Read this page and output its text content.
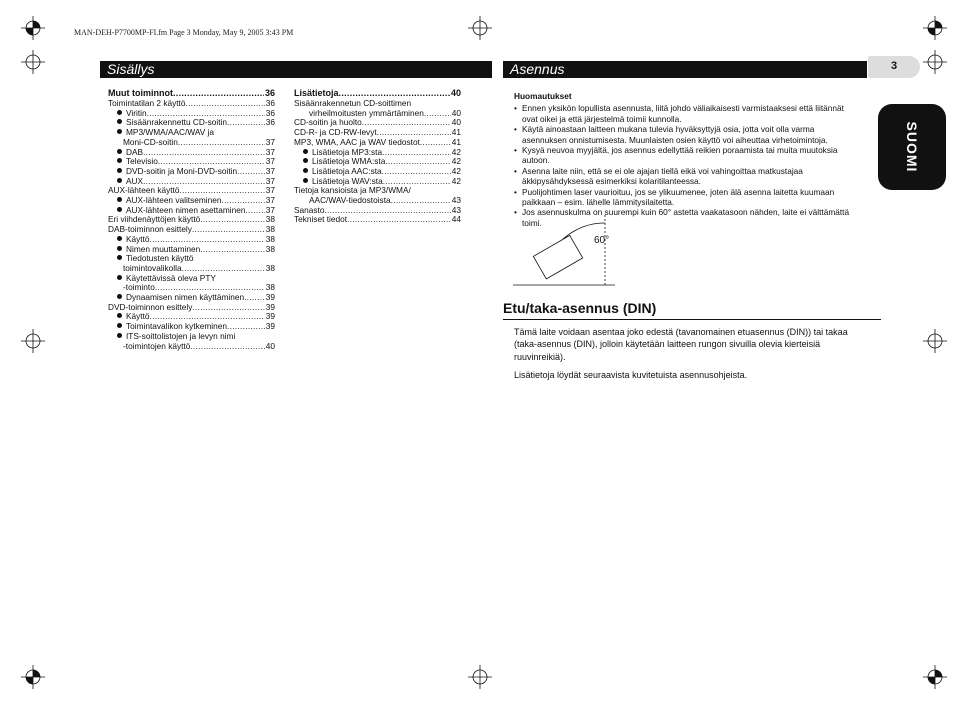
MAN-DEH-P7700MP-FI.fm Page 3 Monday, May 9, 2005 3:43 PM
Sisällys	Asennus	3
SUOMI
Muut toiminnot .....	36
Toimintatilan 2 käyttö .....	36
Viritin .....	36
Sisäänrakennettu CD-soitin .....	36
MP3/WMA/AAC/WAV ja
Moni-CD-soitin .....	37
DAB .....	37
Televisio .....	37
DVD-soitin ja Moni-DVD-soitin .....	37
AUX .....	37
AUX-lähteen käyttö .....	37
AUX-lähteen valitseminen .....	37
AUX-lähteen nimen asettaminen ..... 37
Eri viihdenäyttöjen käyttö .....	38
DAB-toiminnon esittely .....	38
Käyttö .....	38
Nimen muuttaminen .....	38
Tiedotusten käyttö
toimintovalikolla .....	38
Käytettävissä oleva PTY
-toiminto .....	38
Dynaamisen nimen käyttäminen .....	39
DVD-toiminnon esittely .....	39
Käyttö .....	39
Toimintavalikon kytkeminen .....	39
ITS-soittolistojen ja levyn nimi
-toimintojen käyttö .....	40
Lisätietoja .....	40
Sisäänrakennetun CD-soittimen
virheilmoitusten ymmärtäminen .....	40
CD-soitin ja huolto .....	40
CD-R- ja CD-RW-levyt .....	41
MP3, WMA, AAC ja WAV tiedostot .....	41
Lisätietoja MP3:sta .....	42
Lisätietoja WMA:sta .....	42
Lisätietoja AAC:sta .....	42
Lisätietoja WAV:sta .....	42
Tietoja kansioista ja MP3/WMA/
AAC/WAV-tiedostoista .....	43
Sanasto .....	43
Tekniset tiedot .....	44
Huomautukset
• Ennen yksikön lopullista asennusta, liitä johdo väliaikaisesti varmistaaksesi että liitännät ovat oikei ja että järjestelmä toimii kunnolla.
• Käytä ainoastaan laitteen mukana tulevia hyväksyttyjä osia, jotta voit olla varma asennuksen onnistumisesta. Muunlaisten osien käyttö voi aiheuttaa virhetoimintoja.
• Kysyä neuvoa myyjältä, jos asennus edellyttää reikien poraamista tai muita muutoksia autoon.
• Asenna laite niin, että se ei ole ajajan tiellä eikä voi vahingoittaa matkustajaa äkkipysähdyksessä esimerkiksi kolaritilanteessa.
• Puolijohtimen laser vaurioituu, jos se ylikuumenee, joten älä asenna laitetta kuumaan paikkaan – esim. lähelle lämmitysilaitetta.
• Jos asennuskulma on suurempi kuin 60° astetta vaakatasoon nähden, laite ei välttämättä toimi.
60°
Etu/taka-asennus (DIN)

Tämä laite voidaan asentaa joko edestä (tavanomainen etuasennus (DIN)) tai takaa (taka-asennus (DIN), jolloin käytetään laitteen rungon sivuilla olevia kierteisiä ruuvinreikiä).

Lisätietoja löydät seuraavista kuvitetuista asennusohjeista.
